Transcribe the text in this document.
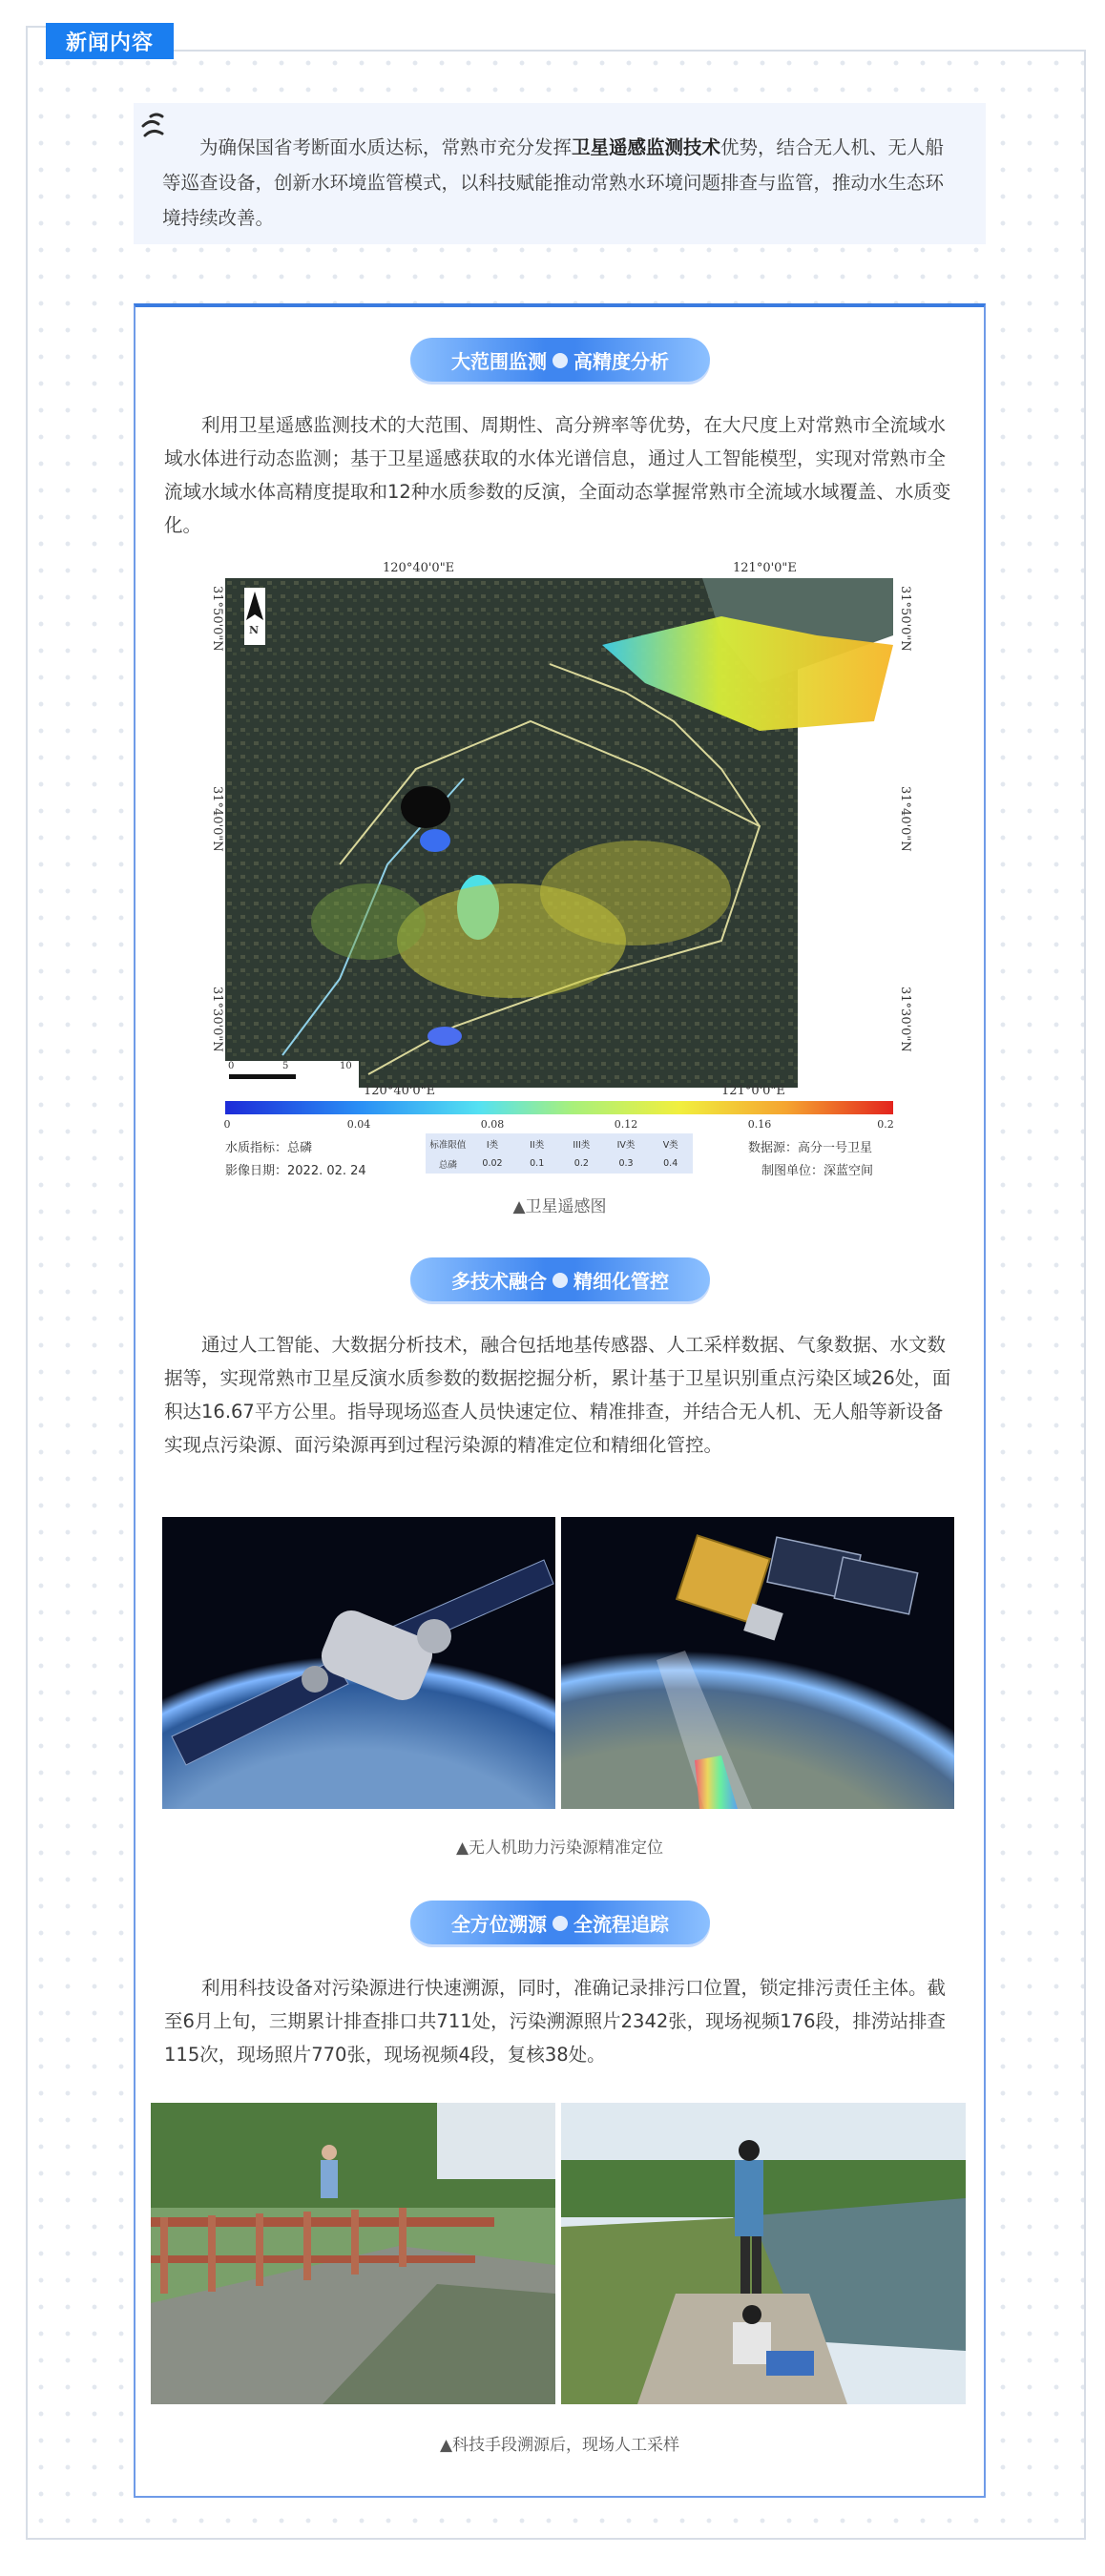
新闻内容
为确保国省考断面水质达标，常熟市充分发挥卫星遥感监测技术优势，结合无人机、无人船等巡查设备，创新水环境监管模式，以科技赋能推动常熟水环境问题排查与监管，推动水生态环境持续改善。
大范围监测 高精度分析
利用卫星遥感监测技术的大范围、周期性、高分辨率等优势，在大尺度上对常熟市全流域水域水体进行动态监测；基于卫星遥感获取的水体光谱信息，通过人工智能模型，实现对常熟市全流域水域水体高精度提取和12种水质参数的反演，全面动态掌握常熟市全流域水域覆盖、水质变化。
120°40'0"E	121°0'0"E
N
0	5	10
31°50'0"N
31°40'0"N
31°30'0"N
31°50'0"N
31°40'0"N
31°30'0"N
120°40'0"E	121°0'0"E
0	0.04	0.08	0.12	0.16	0.2
水质指标：总磷
影像日期：2022. 02. 24
数据源：高分一号卫星
制图单位：深蓝空间
标准限值	I类	II类	III类	IV类	V类
总磷	0.02	0.1	0.2	0.3	0.4
▲卫星遥感图
多技术融合 精细化管控
通过人工智能、大数据分析技术，融合包括地基传感器、人工采样数据、气象数据、水文数据等，实现常熟市卫星反演水质参数的数据挖掘分析，累计基于卫星识别重点污染区域26处，面积达16.67平方公里。指导现场巡查人员快速定位、精准排查，并结合无人机、无人船等新设备实现点污染源、面污染源再到过程污染源的精准定位和精细化管控。
▲无人机助力污染源精准定位
全方位溯源 全流程追踪
利用科技设备对污染源进行快速溯源，同时，准确记录排污口位置，锁定排污责任主体。截至6月上旬，三期累计排查排口共711处，污染溯源照片2342张，现场视频176段，排涝站排查115次，现场照片770张，现场视频4段，复核38处。
▲科技手段溯源后，现场人工采样
